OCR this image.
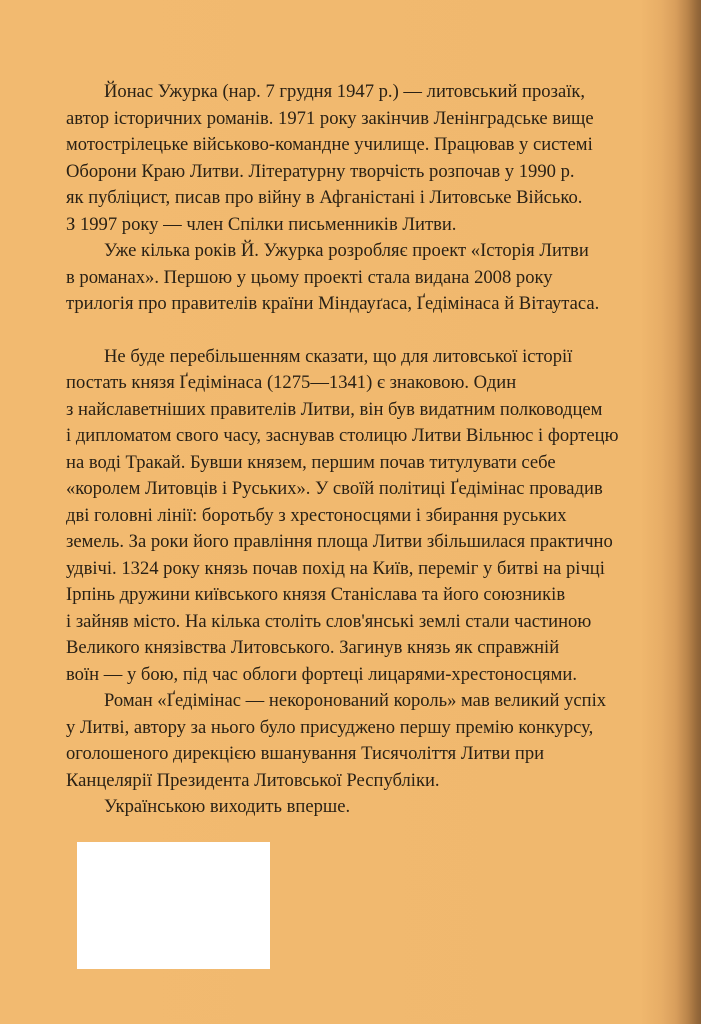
Йонас Ужурка (нар. 7 грудня 1947 р.) — литовський прозаїк,
автор історичних романів. 1971 року закінчив Ленінградське вище
мотострілецьке військово-командне училище. Працював у системі
Оборони Краю Литви. Літературну творчість розпочав у 1990 р.
як публіцист, писав про війну в Афганістані і Литовське Військо.
З 1997 року — член Спілки письменників Литви.

Уже кілька років Й. Ужурка розробляє проект «Історія Литви
в романах». Першою у цьому проекті стала видана 2008 року
трилогія про правителів країни Міндауґаса, Ґедімінаса й Вітаутаса.

Не буде перебільшенням сказати, що для литовської історії
постать князя Ґедімінаса (1275—1341) є знаковою. Один
з найславетніших правителів Литви, він був видатним полководцем
і дипломатом свого часу, заснував столицю Литви Вільнюс і фортецю
на воді Тракай. Бувши князем, першим почав титулувати себе
«королем Литовців і Руських». У своїй політиці Ґедімінас провадив
дві головні лінії: боротьбу з хрестоносцями і збирання руських
земель. За роки його правління площа Литви збільшилася практично
удвічі. 1324 року князь почав похід на Київ, переміг у битві на річці
Ірпінь дружини київського князя Станіслава та його союзників
і зайняв місто. На кілька століть слов'янські землі стали частиною
Великого князівства Литовського. Загинув князь як справжній
воїн — у бою, під час облоги фортеці лицарями-хрестоносцями.

Роман «Ґедімінас — некоронований король» мав великий успіх
у Литві, автору за нього було присуджено першу премію конкурсу,
оголошеного дирекцією вшанування Тисячоліття Литви при
Канцелярії Президента Литовської Республіки.

Українською виходить вперше.
